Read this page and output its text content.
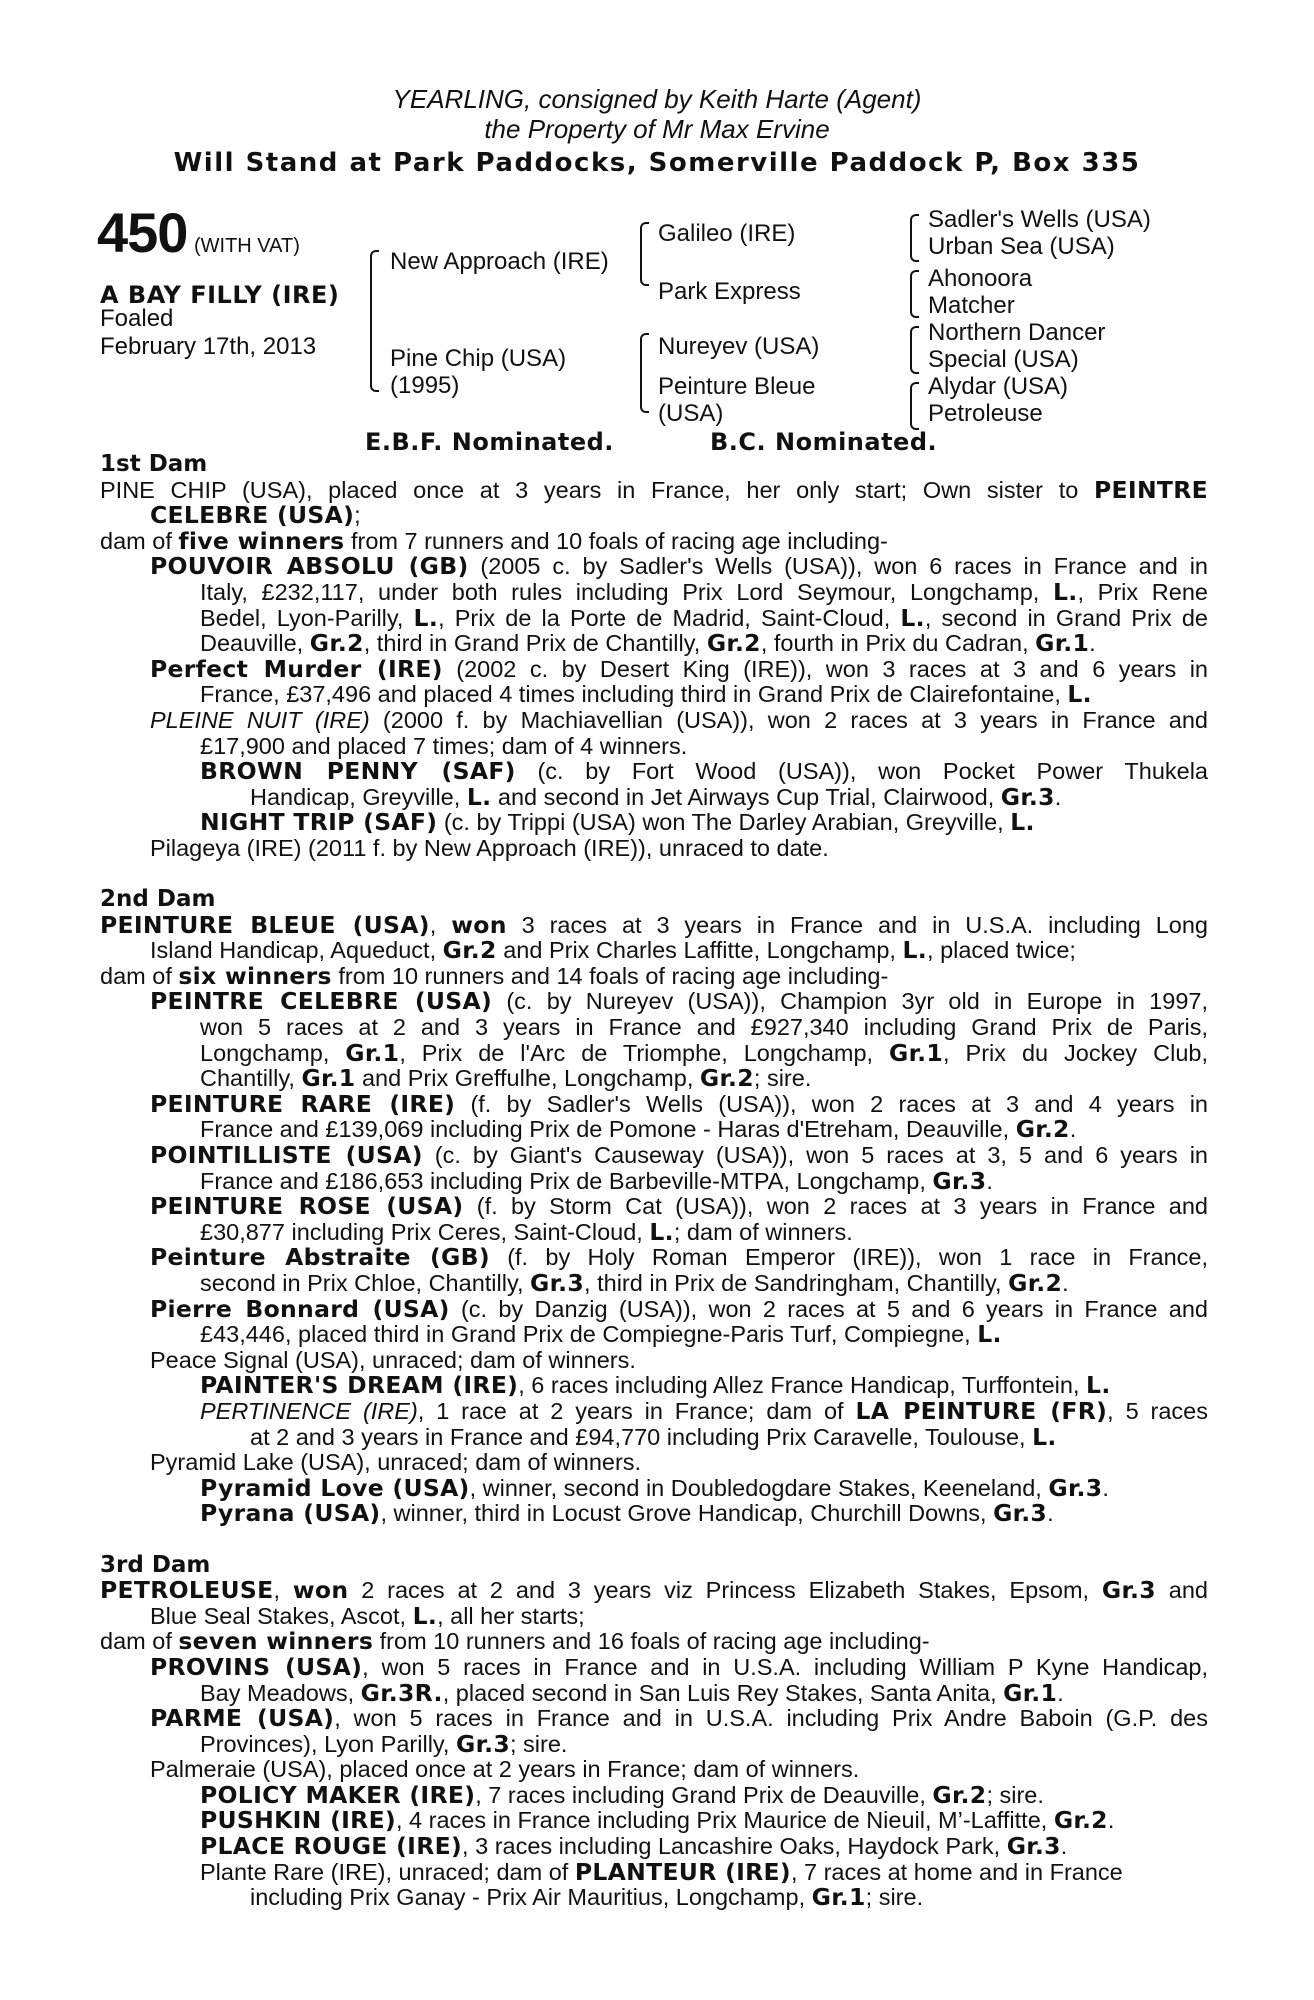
YEARLING, consigned by Keith Harte (Agent)
the Property of Mr Max Ervine
Will Stand at Park Paddocks, Somerville Paddock P, Box 335
450 (WITH VAT)
A BAY FILLY (IRE)
Foaled
February 17th, 2013
New Approach (IRE)
Pine Chip (USA)
(1995)
Galileo (IRE)
Park Express
Nureyev (USA)
Peinture Bleue
(USA)
Sadler's Wells (USA)
Urban Sea (USA)
Ahonoora
Matcher
Northern Dancer
Special (USA)
Alydar (USA)
Petroleuse
E.B.F. Nominated.	B.C. Nominated.
1st Dam
PINE CHIP (USA), placed once at 3 years in France, her only start; Own sister to PEINTRE
CELEBRE (USA);
dam of five winners from 7 runners and 10 foals of racing age including-
POUVOIR ABSOLU (GB) (2005 c. by Sadler's Wells (USA)), won 6 races in France and in
Italy, £232,117, under both rules including Prix Lord Seymour, Longchamp, L., Prix Rene
Bedel, Lyon-Parilly, L., Prix de la Porte de Madrid, Saint-Cloud, L., second in Grand Prix de
Deauville, Gr.2, third in Grand Prix de Chantilly, Gr.2, fourth in Prix du Cadran, Gr.1.
Perfect Murder (IRE) (2002 c. by Desert King (IRE)), won 3 races at 3 and 6 years in
France, £37,496 and placed 4 times including third in Grand Prix de Clairefontaine, L.
PLEINE NUIT (IRE) (2000 f. by Machiavellian (USA)), won 2 races at 3 years in France and
£17,900 and placed 7 times; dam of 4 winners.
BROWN PENNY (SAF) (c. by Fort Wood (USA)), won Pocket Power Thukela
Handicap, Greyville, L. and second in Jet Airways Cup Trial, Clairwood, Gr.3.
NIGHT TRIP (SAF) (c. by Trippi (USA) won The Darley Arabian, Greyville, L.
Pilageya (IRE) (2011 f. by New Approach (IRE)), unraced to date.
2nd Dam
PEINTURE BLEUE (USA), won 3 races at 3 years in France and in U.S.A. including Long
Island Handicap, Aqueduct, Gr.2 and Prix Charles Laffitte, Longchamp, L., placed twice;
dam of six winners from 10 runners and 14 foals of racing age including-
PEINTRE CELEBRE (USA) (c. by Nureyev (USA)), Champion 3yr old in Europe in 1997,
won 5 races at 2 and 3 years in France and £927,340 including Grand Prix de Paris,
Longchamp, Gr.1, Prix de l'Arc de Triomphe, Longchamp, Gr.1, Prix du Jockey Club,
Chantilly, Gr.1 and Prix Greffulhe, Longchamp, Gr.2; sire.
PEINTURE RARE (IRE) (f. by Sadler's Wells (USA)), won 2 races at 3 and 4 years in
France and £139,069 including Prix de Pomone - Haras d'Etreham, Deauville, Gr.2.
POINTILLISTE (USA) (c. by Giant's Causeway (USA)), won 5 races at 3, 5 and 6 years in
France and £186,653 including Prix de Barbeville-MTPA, Longchamp, Gr.3.
PEINTURE ROSE (USA) (f. by Storm Cat (USA)), won 2 races at 3 years in France and
£30,877 including Prix Ceres, Saint-Cloud, L.; dam of winners.
Peinture Abstraite (GB) (f. by Holy Roman Emperor (IRE)), won 1 race in France,
second in Prix Chloe, Chantilly, Gr.3, third in Prix de Sandringham, Chantilly, Gr.2.
Pierre Bonnard (USA) (c. by Danzig (USA)), won 2 races at 5 and 6 years in France and
£43,446, placed third in Grand Prix de Compiegne-Paris Turf, Compiegne, L.
Peace Signal (USA), unraced; dam of winners.
PAINTER'S DREAM (IRE), 6 races including Allez France Handicap, Turffontein, L.
PERTINENCE (IRE), 1 race at 2 years in France; dam of LA PEINTURE (FR), 5 races
at 2 and 3 years in France and £94,770 including Prix Caravelle, Toulouse, L.
Pyramid Lake (USA), unraced; dam of winners.
Pyramid Love (USA), winner, second in Doubledogdare Stakes, Keeneland, Gr.3.
Pyrana (USA), winner, third in Locust Grove Handicap, Churchill Downs, Gr.3.
3rd Dam
PETROLEUSE, won 2 races at 2 and 3 years viz Princess Elizabeth Stakes, Epsom, Gr.3 and
Blue Seal Stakes, Ascot, L., all her starts;
dam of seven winners from 10 runners and 16 foals of racing age including-
PROVINS (USA), won 5 races in France and in U.S.A. including William P Kyne Handicap,
Bay Meadows, Gr.3R., placed second in San Luis Rey Stakes, Santa Anita, Gr.1.
PARME (USA), won 5 races in France and in U.S.A. including Prix Andre Baboin (G.P. des
Provinces), Lyon Parilly, Gr.3; sire.
Palmeraie (USA), placed once at 2 years in France; dam of winners.
POLICY MAKER (IRE), 7 races including Grand Prix de Deauville, Gr.2; sire.
PUSHKIN (IRE), 4 races in France including Prix Maurice de Nieuil, M’-Laffitte, Gr.2.
PLACE ROUGE (IRE), 3 races including Lancashire Oaks, Haydock Park, Gr.3.
Plante Rare (IRE), unraced; dam of PLANTEUR (IRE), 7 races at home and in France
including Prix Ganay - Prix Air Mauritius, Longchamp, Gr.1; sire.
